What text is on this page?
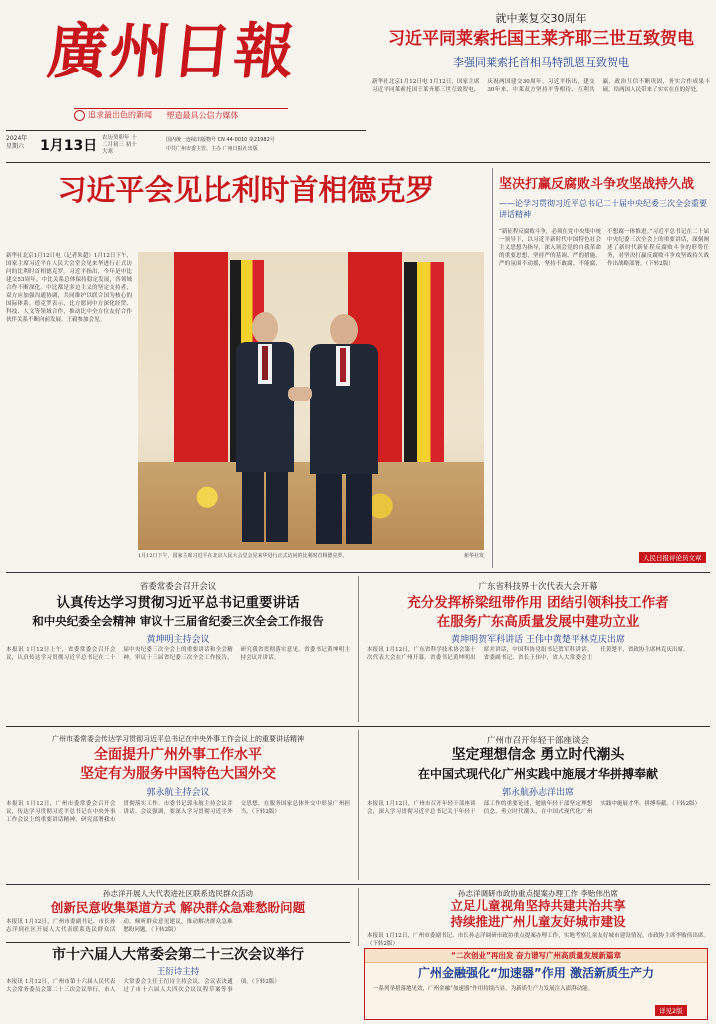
廣州日報
追求最出色的新闻 塑造最具公信力媒体
2024年 星期六	1月13日 农历癸卯年 十二月初三 初十大寒
国内统一连续出版物号 CN 44-0010 第21982号
中共广州市委主管、主办 广州日报社出版
就中莱复交30周年
习近平同莱索托国王莱齐耶三世互致贺电
李强同莱索托首相马特凯恩互致贺电
新华社北京1月12日电 1月12日，国家主席习近平同莱索托国王莱齐耶三世互致贺电，庆祝两国建交30周年。习近平指出，建交30年来，中莱双方坚持平等相待、互利共赢，政治互信不断巩固，务实合作成果丰硕，给两国人民带来了实实在在的好处。
习近平会见比利时首相德克罗
新华社北京1月12日电（记者朱超）1月12日下午，国家主席习近平在人民大会堂会见来华进行正式访问的比利时首相德克罗。习近平指出，今年是中比建交53周年。中比关系总体保持稳定发展，各领域合作不断深化。中比都是多边主义的坚定支持者，双方应加强沟通协调，共同维护以联合国为核心的国际体系。德克罗表示，比方愿同中方深化经贸、科技、人文等领域合作，推动比中全方位友好合作伙伴关系不断向前发展。王毅参加会见。
1月12日下午，国家主席习近平在北京人民大会堂会见来华进行正式访问的比利时首相德克罗。	新华社发
坚决打赢反腐败斗争攻坚战持久战
——论学习贯彻习近平总书记二十届中央纪委三次全会重要讲话精神
“新征程反腐败斗争，必须在党中央集中统一领导下，以习近平新时代中国特色社会主义思想为指导，深入领会党的自我革命的重要思想，坚持严的基调、严的措施、严的氛围不动摇，坚持不敢腐、不能腐、不想腐一体推进。”习近平总书记在二十届中央纪委三次全会上的重要讲话，深刻阐述了新时代新征程反腐败斗争的形势任务，对坚决打赢反腐败斗争攻坚战持久战作出战略部署。（下转2版）
人民日报评论员文章
省委常委会召开会议
认真传达学习贯彻习近平总书记重要讲话
和中央纪委全会精神 审议十三届省纪委三次全会工作报告
黄坤明主持会议
本报讯 1月12日上午，省委常委会召开会议，认真传达学习贯彻习近平总书记在二十届中央纪委三次全会上的重要讲话和全会精神，审议十三届省纪委三次全会工作报告，研究我省贯彻落实意见。省委书记黄坤明主持会议并讲话。
广东省科技界十次代表大会开幕
充分发挥桥梁纽带作用 团结引领科技工作者
在服务广东高质量发展中建功立业
黄坤明贺军科讲话 王伟中黄楚平林克庆出席
本报讯 1月12日，广东省科学技术协会第十次代表大会在广州开幕。省委书记黄坤明出席并讲话，中国科协党组书记贺军科讲话。省委副书记、省长王伟中，省人大常委会主任黄楚平，省政协主席林克庆出席。
广州市委常委会传达学习贯彻习近平总书记在中央外事工作会议上的重要讲话精神
全面提升广州外事工作水平
坚定有为服务中国特色大国外交
郭永航主持会议
本报讯 1月12日，广州市委常委会召开会议，传达学习贯彻习近平总书记在中央外事工作会议上的重要讲话精神，研究部署我市贯彻落实工作。市委书记郭永航主持会议并讲话。会议强调，要深入学习贯彻习近平外交思想，在服务国家总体外交中彰显广州担当。（下转2版）
广州市召开年轻干部座谈会
坚定理想信念 勇立时代潮头
在中国式现代化广州实践中施展才华拼搏奉献
郭永航孙志洋出席
本报讯 1月12日，广州市召开年轻干部座谈会，深入学习贯彻习近平总书记关于年轻干部工作的重要论述，勉励年轻干部坚定理想信念、勇立时代潮头，在中国式现代化广州实践中施展才华、拼搏奉献。（下转2版）
孙志洋开展人大代表进社区联系选民群众活动
创新民意收集渠道方式 解决群众急难愁盼问题
本报讯 1月12日，广州市委副书记、市长孙志洋到社区开展人大代表联系选民群众活动，倾听群众意见建议，推动解决群众急难愁盼问题。（下转2版）
市十六届人大常委会第二十三次会议举行
王衍诗主持
本报讯 1月12日，广州市第十六届人民代表大会常务委员会第二十三次会议举行。市人大常委会主任王衍诗主持会议。会议表决通过了市十六届人大四次会议议程草案等事项。（下转2版）
孙志洋调研市政协重点提案办理工作 李贻伟出席
立足儿童视角坚持共建共治共享
持续推进广州儿童友好城市建设
本报讯 1月12日，广州市委副书记、市长孙志洋调研市政协重点提案办理工作，实地考察儿童友好城市建设情况。市政协主席李贻伟出席。（下转2版）
“二次创业”再出发 奋力谱写广州高质量发展新篇章
广州金融强化“加速器”作用 激活新质生产力
一系列举措落地见效，广州金融“加速器”作用持续凸显，为新质生产力发展注入澎湃动能。
详见2版
